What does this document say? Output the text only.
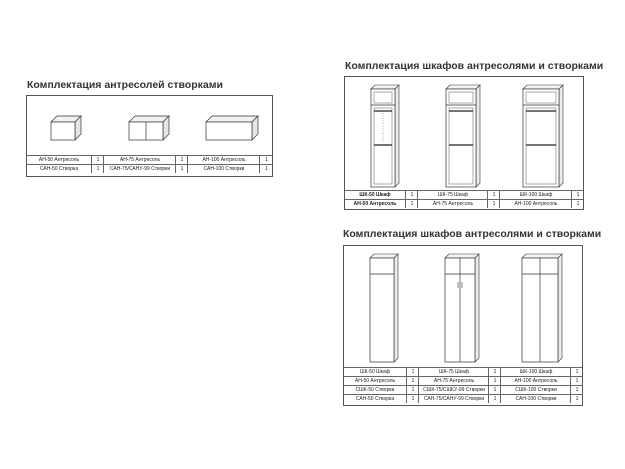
Комплектация антресолей створками
АН-50 Антресоль	1	АН-75 Антресоль	1	АН-100 Антресоль	1
САН-50 Створка	1	САН-75/САНУ-99 Створки	1	САН-100 Створки	1
Комплектация шкафов антресолями и створками
ШК-50 Шкаф	1	ШК-75 Шкаф	1	ШК-100 Шкаф	1
АН-50 Антресоль	1	АН-75 Антресоль	1	АН-100 Антресоль	1
Комплектация шкафов антресолями и створками
ШК-50 Шкаф	1	ШК-75 Шкаф	1	ШК-100 Шкаф	1
АН-50 Антресоль	1	АН-75 Антресоль	1	АН-100 Антресоль	1
СШК-50 Створка	1	СШК-75/СШКУ-99 Створки	1	СШК-100 Створки	1
САН-50 Створка	1	САН-75/САНУ-99 Створки	1	САН-100 Створки	1
